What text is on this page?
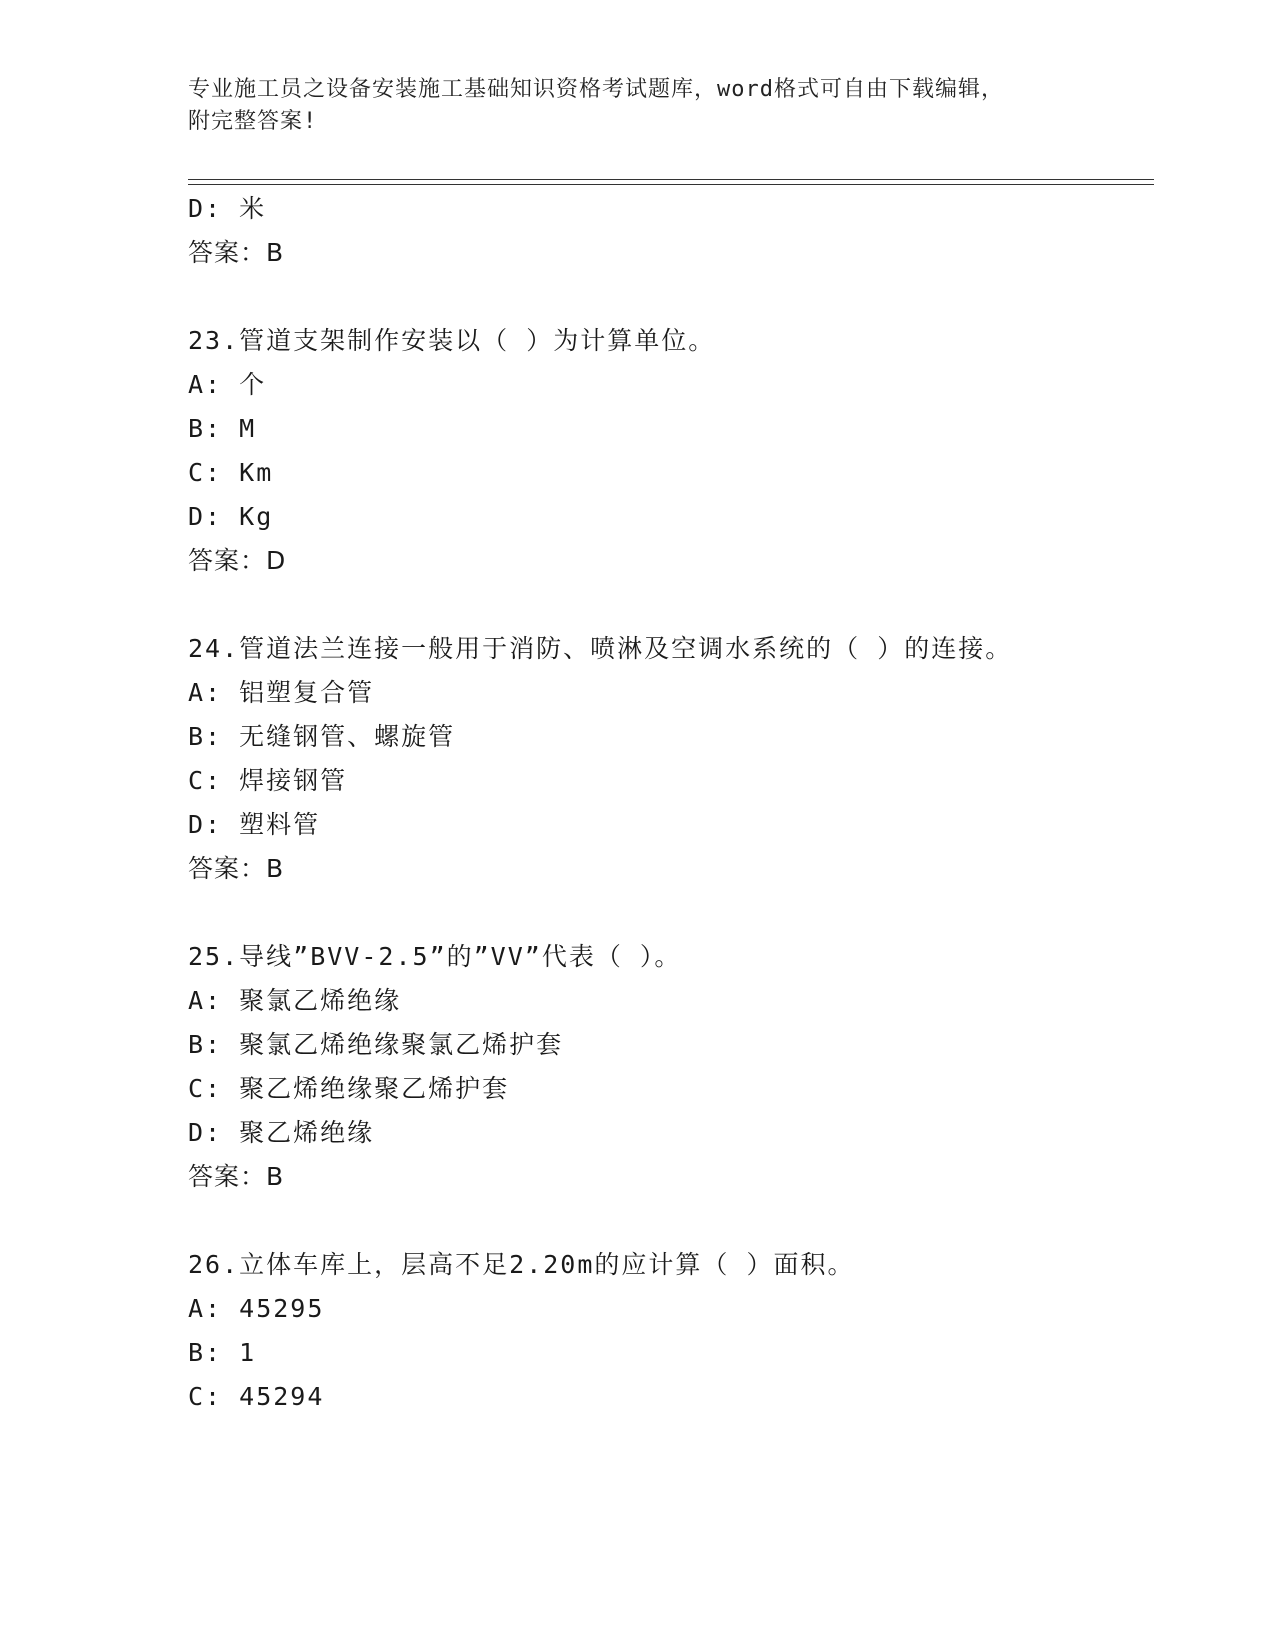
专业施工员之设备安装施工基础知识资格考试题库，word格式可自由下载编辑，
附完整答案!
D: 米
答案：B
23.管道支架制作安装以（ ）为计算单位。
A: 个
B: M
C: Km
D: Kg
答案：D
24.管道法兰连接一般用于消防、喷淋及空调水系统的（ ）的连接。
A: 铝塑复合管
B: 无缝钢管、螺旋管
C: 焊接钢管
D: 塑料管
答案：B
25.导线”BVV-2.5”的”VV”代表（ ）。
A: 聚氯乙烯绝缘
B: 聚氯乙烯绝缘聚氯乙烯护套
C: 聚乙烯绝缘聚乙烯护套
D: 聚乙烯绝缘
答案：B
26.立体车库上，层高不足2.20m的应计算（ ）面积。
A: 45295
B: 1
C: 45294
